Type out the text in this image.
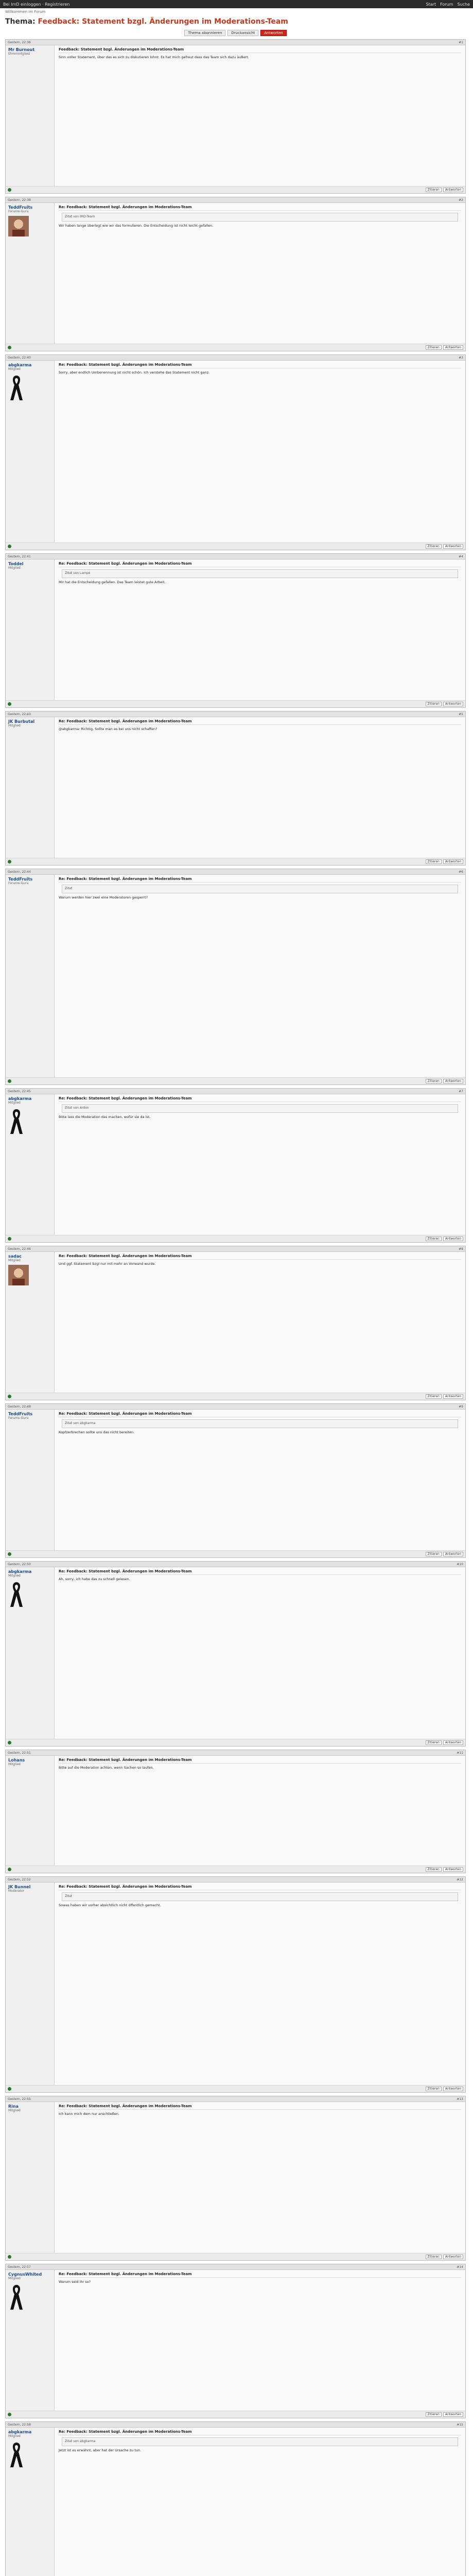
Bei ImD einloggen · Registrieren	Start Forum Suche
Willkommen im Forum
Thema: Feedback: Statement bzgl. Änderungen im Moderations-Team
Thema abonnieren	Druckansicht	Antworten
Gestern, 22:36	#1
Mr Burnout
Ehrenmitglied
Feedback: Statement bzgl. Änderungen im Moderations-Team
Sinn voller Statement, über das es sich zu diskutieren lohnt. Es hat mich gefreut dass das Team sich dazu äußert.
Zitieren	Antworten
Gestern, 22:38	#2
TeddFruits
Forums-Guru
Re: Feedback: Statement bzgl. Änderungen im Moderations-Team
Zitat von IMD-Team
Wir haben lange überlegt wie wir das formulieren. Die Entscheidung ist nicht leicht gefallen.
Zitieren	Antworten
Gestern, 22:40	#3
abgkarma
Mitglied
Re: Feedback: Statement bzgl. Änderungen im Moderations-Team
Sorry, aber endlich Umbenennung ist nicht schön. Ich verstehe das Statement nicht ganz.
Zitieren	Antworten
Gestern, 22:41	#4
Toddel
Mitglied
Re: Feedback: Statement bzgl. Änderungen im Moderations-Team
Zitat von Lampe
Mir hat die Entscheidung gefallen. Das Team leistet gute Arbeit.
Zitieren	Antworten
Gestern, 22:43	#5
JK Burbutal
Mitglied
Re: Feedback: Statement bzgl. Änderungen im Moderations-Team
@abgkarma: Richtig, Sollte man es bei uns nicht schaffen?
Zitieren	Antworten
Gestern, 22:44	#6
TeddFruits
Forums-Guru
Re: Feedback: Statement bzgl. Änderungen im Moderations-Team
Zitat
Warum werden hier zwei eine Moderatoren gesperrt?
Zitieren	Antworten
Gestern, 22:45	#7
abgkarma
Mitglied
Re: Feedback: Statement bzgl. Änderungen im Moderations-Team
Zitat von Anton
Bitte lass die Moderation das machen, wofür sie da ist.
Zitieren	Antworten
Gestern, 22:46	#8
sadac
Mitglied
Re: Feedback: Statement bzgl. Änderungen im Moderations-Team
Und ggf. Statement bzgl nur mit mehr an Vorwand wurde.
Zitieren	Antworten
Gestern, 22:48	#9
TeddFruits
Forums-Guru
Re: Feedback: Statement bzgl. Änderungen im Moderations-Team
Zitat von abgkarma
Kopfzerbrechen sollte uns das nicht bereiten.
Zitieren	Antworten
Gestern, 22:50	#10
abgkarma
Mitglied
Re: Feedback: Statement bzgl. Änderungen im Moderations-Team
Ah, sorry, ich habe das zu schnell gelesen.
Zitieren	Antworten
Gestern, 22:51	#11
Lohans
Mitglied
Re: Feedback: Statement bzgl. Änderungen im Moderations-Team
Bitte auf die Moderation achten, wenn Sachen so laufen.
Zitieren	Antworten
Gestern, 22:52	#12
JK Bunnel
Moderator
Re: Feedback: Statement bzgl. Änderungen im Moderations-Team
Zitat
Sowas haben wir vorher absichtlich nicht öffentlich gemacht.
Zitieren	Antworten
Gestern, 22:55	#13
Rina
Mitglied
Re: Feedback: Statement bzgl. Änderungen im Moderations-Team
Ich kann mich dem nur anschließen.
Zitieren	Antworten
Gestern, 22:57	#14
CygnusWhited
Mitglied
Re: Feedback: Statement bzgl. Änderungen im Moderations-Team
Warum seid ihr so?
Zitieren	Antworten
Gestern, 22:58	#15
abgkarma
Mitglied
Re: Feedback: Statement bzgl. Änderungen im Moderations-Team
Zitat von abgkarma
Jetzt ist es erwähnt, aber hat der Ursache zu tun.
